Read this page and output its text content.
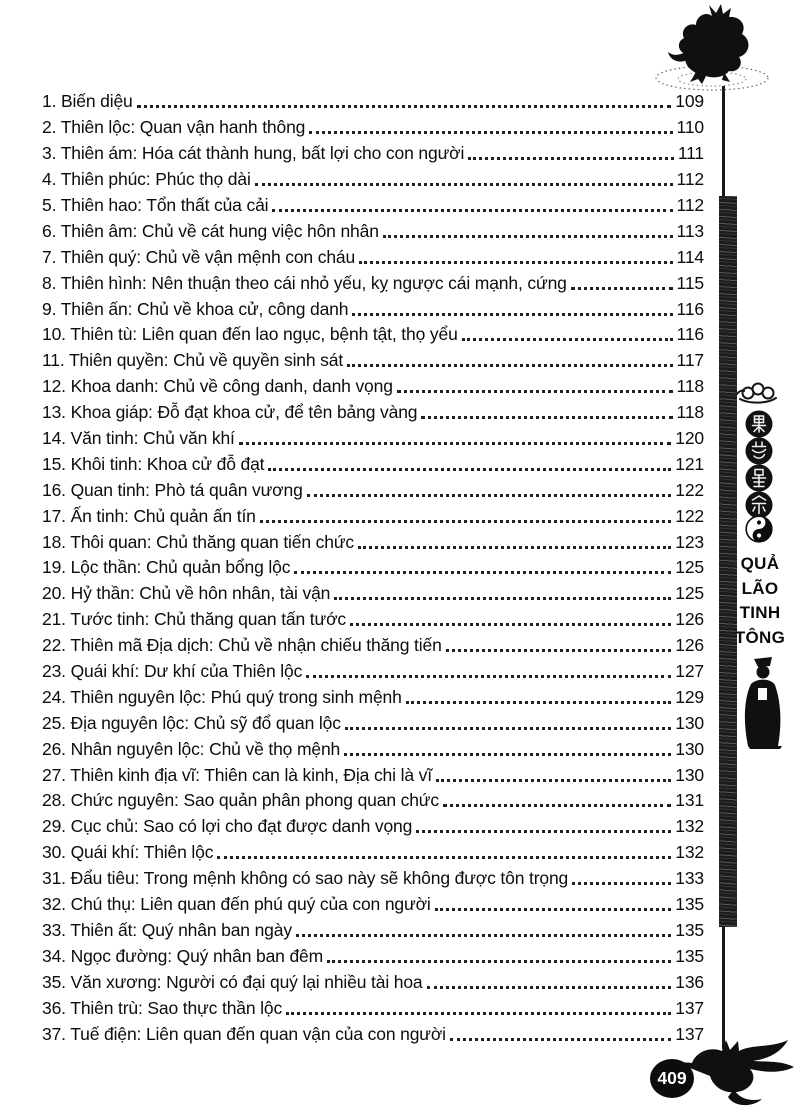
1. Biến diệu	109
2. Thiên lộc: Quan vận hanh thông	110
3. Thiên ám: Hóa cát thành hung, bất lợi cho con người	111
4. Thiên phúc: Phúc thọ dài	112
5. Thiên hao: Tổn thất của cải	112
6. Thiên âm: Chủ về cát hung việc hôn nhân	113
7. Thiên quý: Chủ về vận mệnh con cháu	114
8. Thiên hình: Nên thuận theo cái nhỏ yếu, kỵ ngược cái mạnh, cứng	115
9. Thiên ấn: Chủ về khoa cử, công danh	116
10. Thiên tù: Liên quan đến lao ngục, bệnh tật, thọ yểu	116
11. Thiên quyền: Chủ về quyền sinh sát	117
12. Khoa danh: Chủ về công danh, danh vọng	118
13. Khoa giáp: Đỗ đạt khoa cử, để tên bảng vàng	118
14. Văn tinh: Chủ văn khí	120
15. Khôi tinh: Khoa cử đỗ đạt	121
16. Quan tinh: Phò tá quân vương	122
17. Ấn tinh: Chủ quản ấn tín	122
18. Thôi quan: Chủ thăng quan tiến chức	123
19. Lộc thần: Chủ quản bổng lộc	125
20. Hỷ thần: Chủ về hôn nhân, tài vận	125
21. Tước tinh: Chủ thăng quan tấn tước	126
22. Thiên mã Địa dịch: Chủ về nhận chiếu thăng tiến	126
23. Quái khí: Dư khí của Thiên lộc	127
24. Thiên nguyên lộc: Phú quý trong sinh mệnh	129
25. Địa nguyên lộc: Chủ sỹ đổ quan lộc	130
26. Nhân nguyên lộc: Chủ về thọ mệnh	130
27. Thiên kinh địa vĩ: Thiên can là kinh, Địa chi là vĩ	130
28. Chức nguyên: Sao quản phân phong quan chức	131
29. Cục chủ: Sao có lợi cho đạt được danh vọng	132
30. Quái khí: Thiên lộc	132
31. Đẩu tiêu: Trong mệnh không có sao này sẽ không được tôn trọng	133
32. Chú thụ: Liên quan đến phú quý của con người	135
33. Thiên ất: Quý nhân ban ngày	135
34. Ngọc đường: Quý nhân ban đêm	135
35. Văn xương: Người có đại quý lại nhiều tài hoa	136
36. Thiên trù: Sao thực thần lộc	137
37. Tuế điện: Liên quan đến quan vận của con người	137
QUẢ
LÃO
TINH
TÔNG
409
